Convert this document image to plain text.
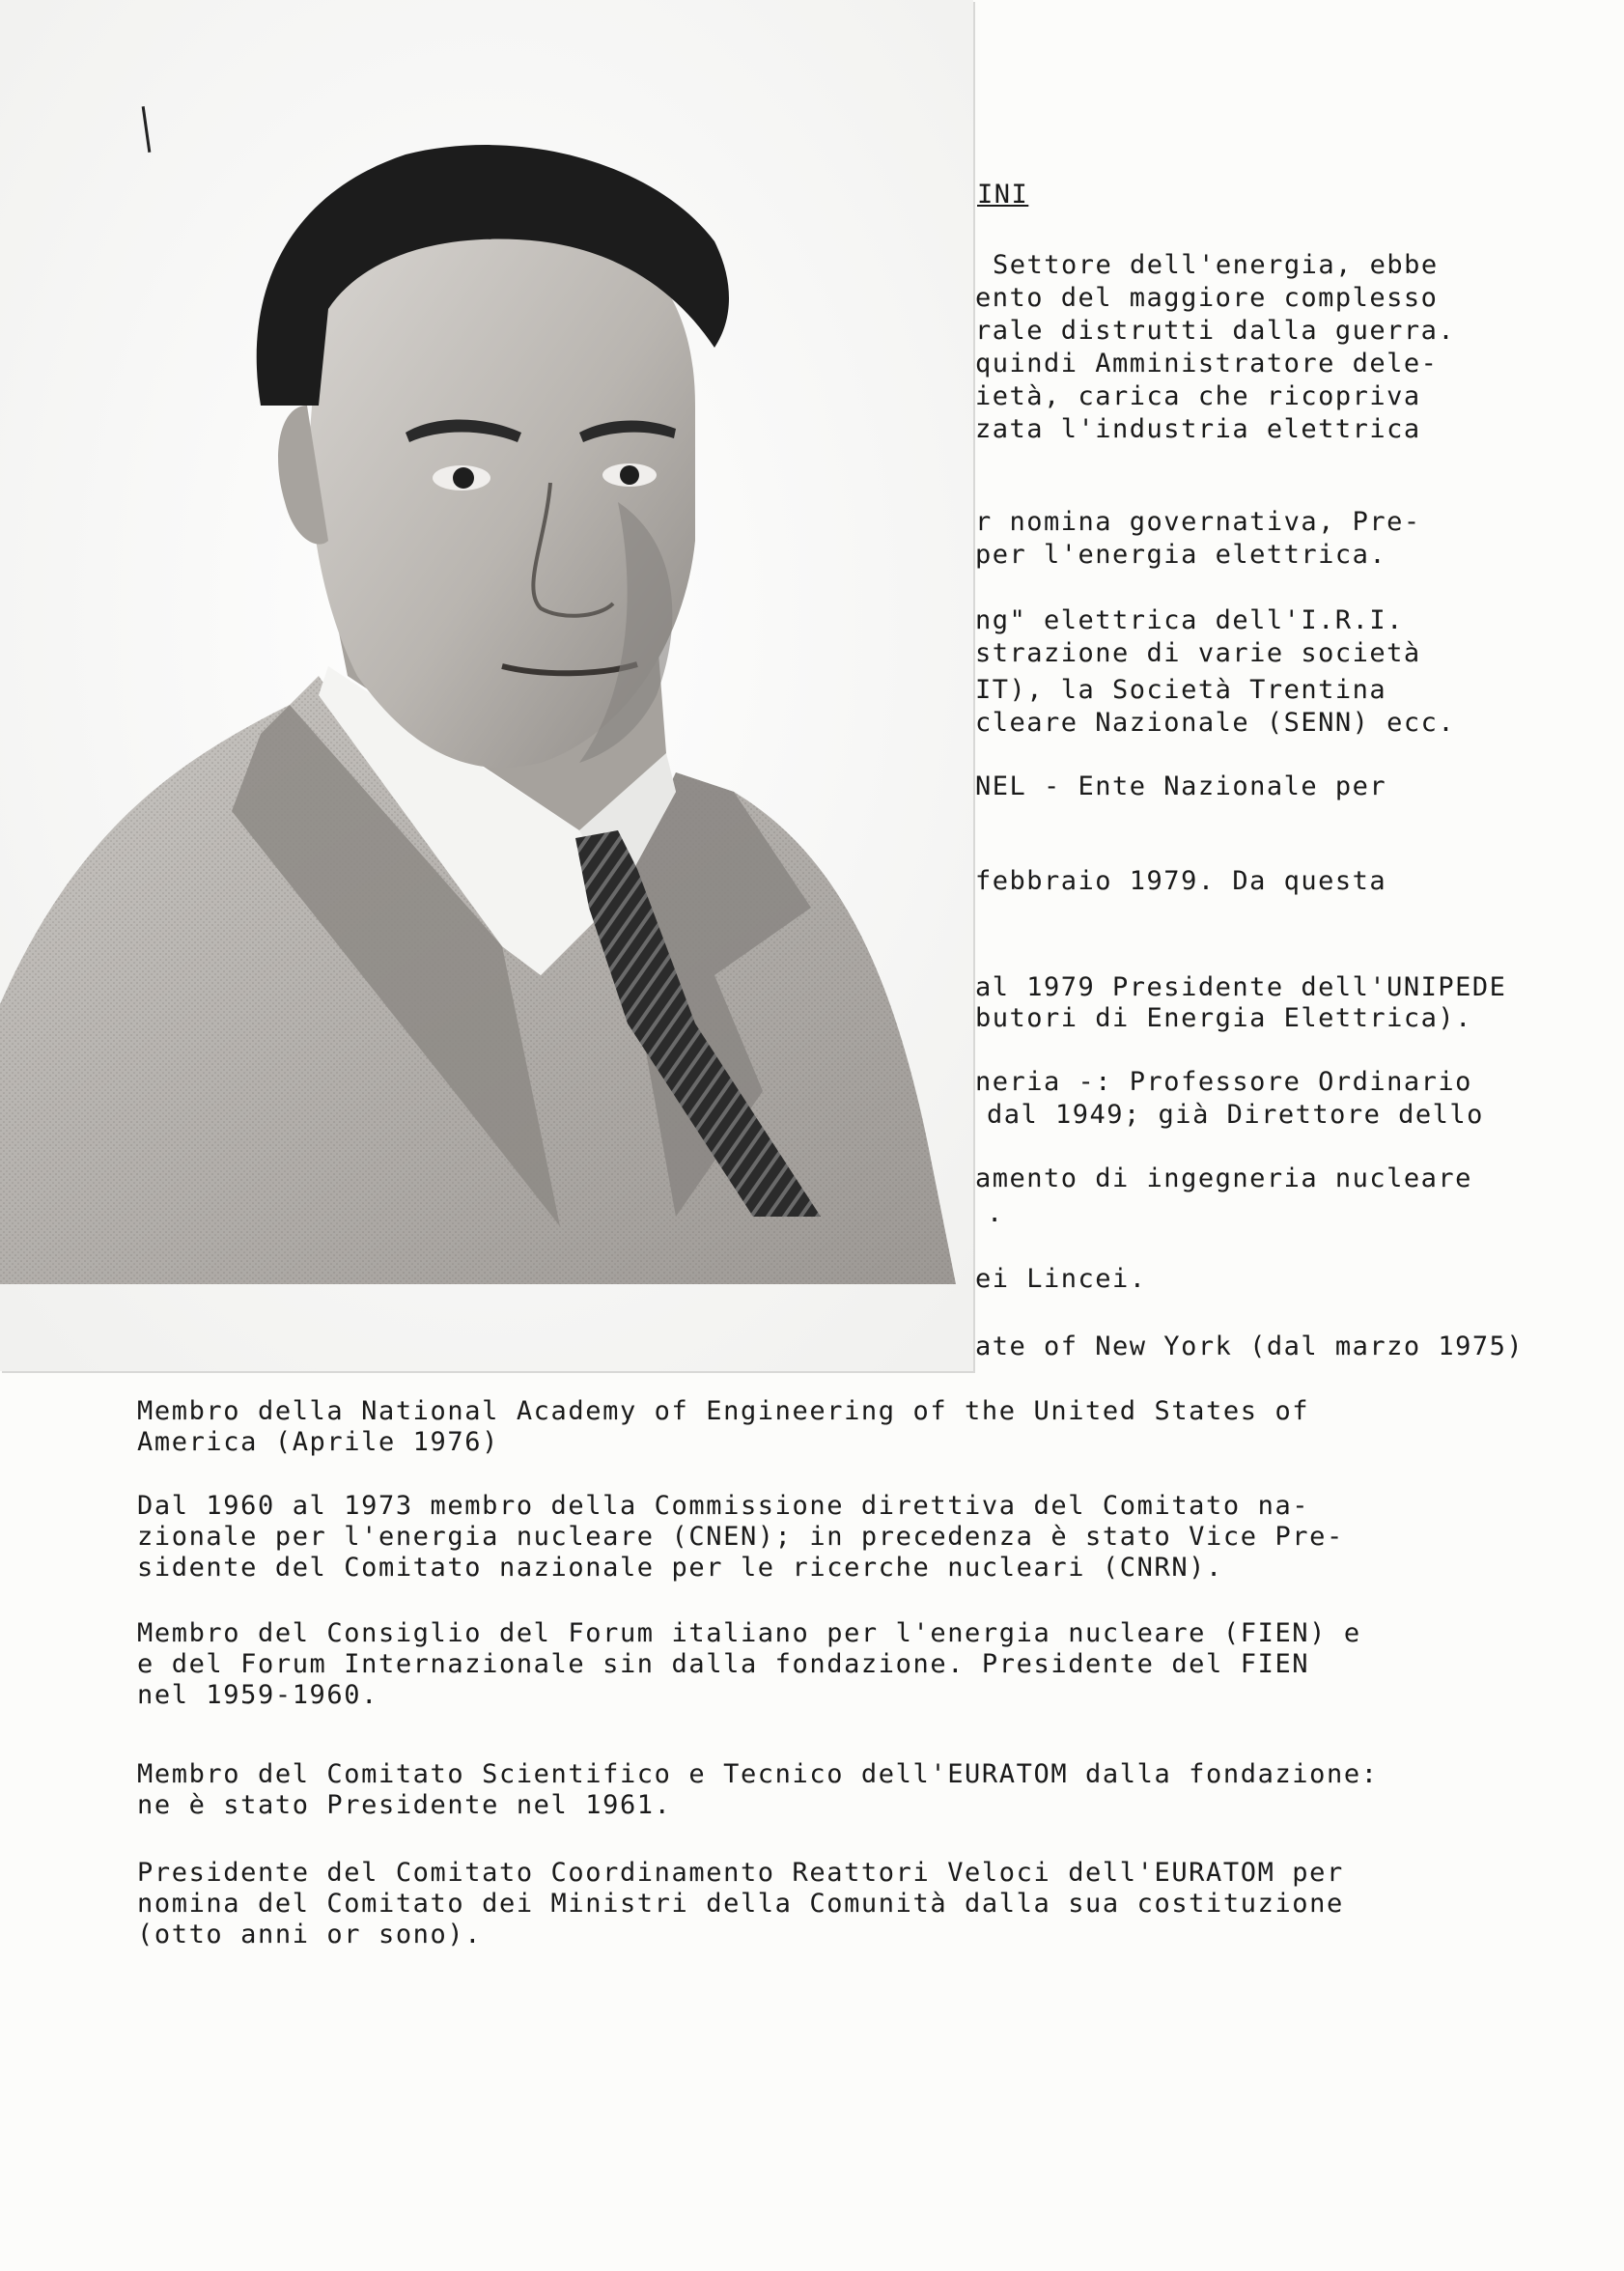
INI
Settore dell'energia, ebbe
ento del maggiore complesso
rale distrutti dalla guerra.
quindi Amministratore dele-
ietà, carica che ricopriva
zata l'industria elettrica
r nomina governativa, Pre-
per l'energia elettrica.
ng" elettrica dell'I.R.I.
strazione di varie società
IT), la Società Trentina
cleare Nazionale (SENN) ecc.
NEL - Ente Nazionale per
febbraio 1979. Da questa
al 1979 Presidente dell'UNIPEDE
butori di Energia Elettrica).
neria -: Professore Ordinario
dal 1949; già Direttore dello
amento di ingegneria nucleare
.
ei Lincei.
ate of New York (dal marzo 1975)
Membro della National Academy of Engineering of the United States of
America (Aprile 1976)
Dal 1960 al 1973 membro della Commissione direttiva del Comitato na-
zionale per l'energia nucleare (CNEN); in precedenza è stato Vice Pre-
sidente del Comitato nazionale per le ricerche nucleari (CNRN).
Membro del Consiglio del Forum italiano per l'energia nucleare (FIEN) e
e del Forum Internazionale sin dalla fondazione. Presidente del FIEN
nel 1959-1960.
Membro del Comitato Scientifico e Tecnico dell'EURATOM dalla fondazione:
ne è stato Presidente nel 1961.
Presidente del Comitato Coordinamento Reattori Veloci dell'EURATOM per
nomina del Comitato dei Ministri della Comunità dalla sua costituzione
(otto anni or sono).
